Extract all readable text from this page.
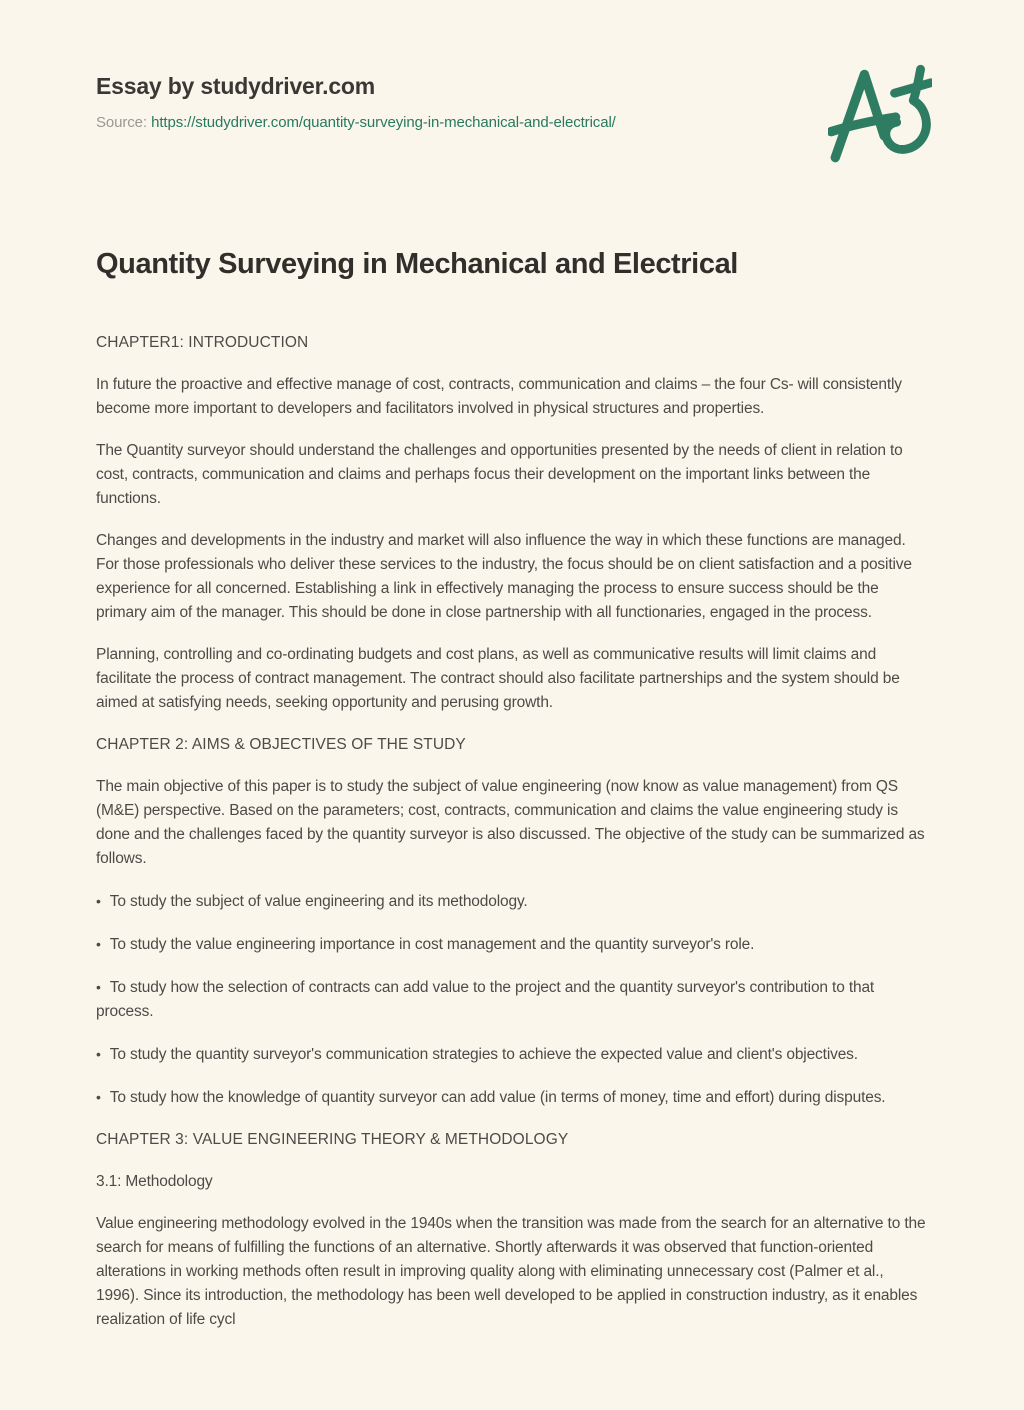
Essay by studydriver.com

Source: https://studydriver.com/quantity-surveying-in-mechanical-and-electrical/

Quantity Surveying in Mechanical and Electrical

CHAPTER1: INTRODUCTION

In future the proactive and effective manage of cost, contracts, communication and claims – the four Cs- will consistently become more important to developers and facilitators involved in physical structures and properties.

The Quantity surveyor should understand the challenges and opportunities presented by the needs of client in relation to cost, contracts, communication and claims and perhaps focus their development on the important links between the functions.

Changes and developments in the industry and market will also influence the way in which these functions are managed. For those professionals who deliver these services to the industry, the focus should be on client satisfaction and a positive experience for all concerned. Establishing a link in effectively managing the process to ensure success should be the primary aim of the manager. This should be done in close partnership with all functionaries, engaged in the process.

Planning, controlling and co-ordinating budgets and cost plans, as well as communicative results will limit claims and facilitate the process of contract management. The contract should also facilitate partnerships and the system should be aimed at satisfying needs, seeking opportunity and perusing growth.

CHAPTER 2: AIMS & OBJECTIVES OF THE STUDY

The main objective of this paper is to study the subject of value engineering (now know as value management) from QS (M&E) perspective. Based on the parameters; cost, contracts, communication and claims the value engineering study is done and the challenges faced by the quantity surveyor is also discussed. The objective of the study can be summarized as follows.

• To study the subject of value engineering and its methodology.

• To study the value engineering importance in cost management and the quantity surveyor's role.

• To study how the selection of contracts can add value to the project and the quantity surveyor's contribution to that process.

• To study the quantity surveyor's communication strategies to achieve the expected value and client's objectives.

• To study how the knowledge of quantity surveyor can add value (in terms of money, time and effort) during disputes.

CHAPTER 3: VALUE ENGINEERING THEORY & METHODOLOGY

3.1: Methodology

Value engineering methodology evolved in the 1940s when the transition was made from the search for an alternative to the search for means of fulfilling the functions of an alternative. Shortly afterwards it was observed that function-oriented alterations in working methods often result in improving quality along with eliminating unnecessary cost (Palmer et al., 1996). Since its introduction, the methodology has been well developed to be applied in construction industry, as it enables realization of life cycl
